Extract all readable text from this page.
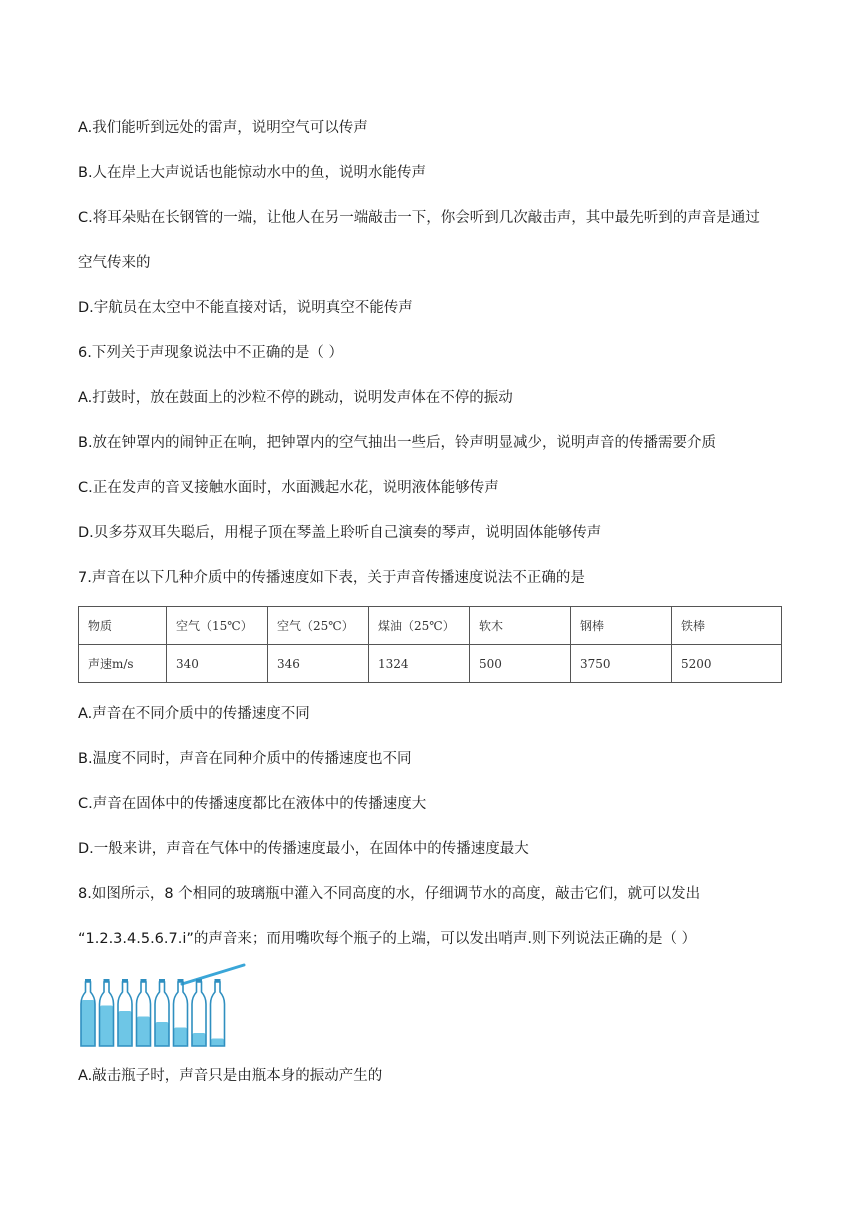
A.我们能听到远处的雷声，说明空气可以传声
B.人在岸上大声说话也能惊动水中的鱼，说明水能传声
C.将耳朵贴在长钢管的一端，让他人在另一端敲击一下，你会听到几次敲击声，其中最先听到的声音是通过
空气传来的
D.宇航员在太空中不能直接对话，说明真空不能传声
6.下列关于声现象说法中不正确的是（ ）
A.打鼓时，放在鼓面上的沙粒不停的跳动，说明发声体在不停的振动
B.放在钟罩内的闹钟正在响，把钟罩内的空气抽出一些后，铃声明显减少，说明声音的传播需要介质
C.正在发声的音叉接触水面时，水面溅起水花，说明液体能够传声
D.贝多芬双耳失聪后，用棍子顶在琴盖上聆听自己演奏的琴声，说明固体能够传声
7.声音在以下几种介质中的传播速度如下表，关于声音传播速度说法不正确的是
物质	空气（15℃）	空气（25℃）	煤油（25℃）	软木	钢棒	铁棒
声速m/s	340	346	1324	500	3750	5200
A.声音在不同介质中的传播速度不同
B.温度不同时，声音在同种介质中的传播速度也不同
C.声音在固体中的传播速度都比在液体中的传播速度大
D.一般来讲，声音在气体中的传播速度最小，在固体中的传播速度最大
8.如图所示，8 个相同的玻璃瓶中灌入不同高度的水，仔细调节水的高度，敲击它们，就可以发出
“1.2.3.4.5.6.7.i”的声音来；而用嘴吹每个瓶子的上端，可以发出哨声.则下列说法正确的是（ ）
A.敲击瓶子时，声音只是由瓶本身的振动产生的
